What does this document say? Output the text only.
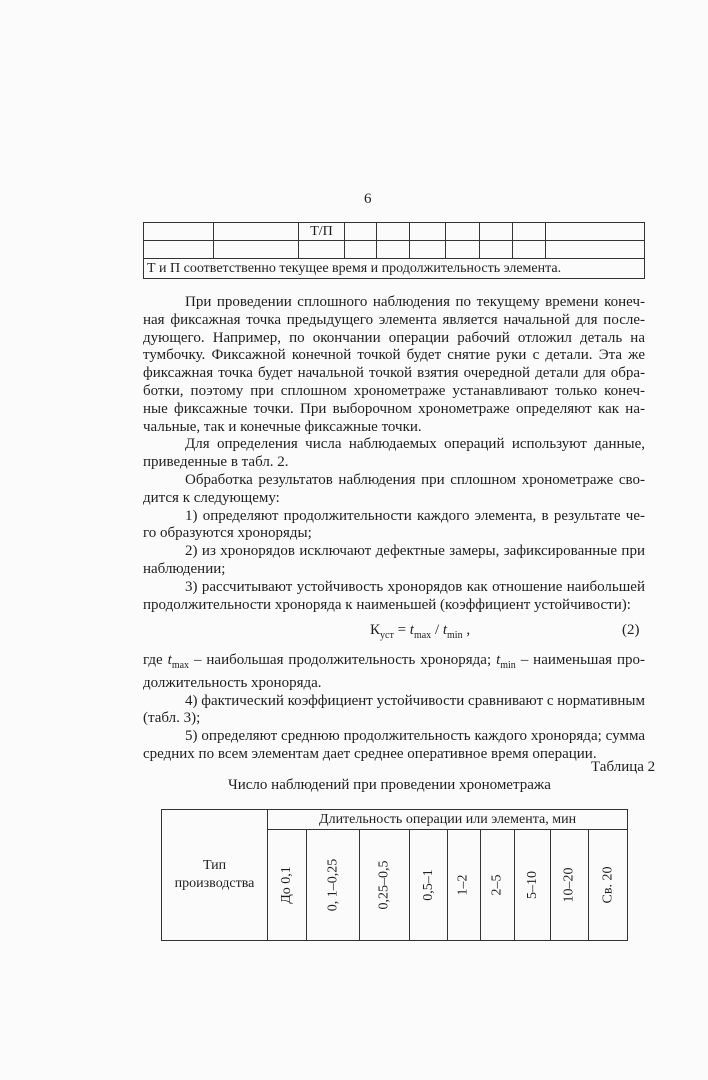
6
		Т/П							

Т и П соответственно текущее время и продолжительность элемента.									
При проведении сплошного наблюдения по текущему времени конеч-
ная фиксажная точка предыдущего элемента является начальной для после-
дующего. Например, по окончании операции рабочий отложил деталь на
тумбочку. Фиксажной конечной точкой будет снятие руки с детали. Эта же
фиксажная точка будет начальной точкой взятия очередной детали для обра-
ботки, поэтому при сплошном хронометраже устанавливают только конеч-
ные фиксажные точки. При выборочном хронометраже определяют как на-
чальные, так и конечные фиксажные точки.
Для определения числа наблюдаемых операций используют данные,
приведенные в табл. 2.
Обработка результатов наблюдения при сплошном хронометраже сво-
дится к следующему:
1) определяют продолжительности каждого элемента, в результате че-
го образуются хроноряды;
2) из хронорядов исключают дефектные замеры, зафиксированные при
наблюдении;
3) рассчитывают устойчивость хронорядов как отношение наибольшей
продолжительности хроноряда к наименьшей (коэффициент устойчивости):
$К_{уст} = t_{max} / t_{min}$ ,	(2)
где $t_{max}$ – наибольшая продолжительность хроноряда; $t_{min}$ – наименьшая про-
должительность хроноряда.
4) фактический коэффициент устойчивости сравнивают с нормативным
(табл. 3);
5) определяют среднюю продолжительность каждого хроноряда; сумма
средних по всем элементам дает среднее оперативное время операции.
Таблица 2
Число наблюдений при проведении хронометража
Тип производства	Длительность операции или элемента, мин								
	До 0,1	0, 1–0,25	0,25–0,5	0,5–1	1–2	2–5	5–10	10–20	Св. 20
